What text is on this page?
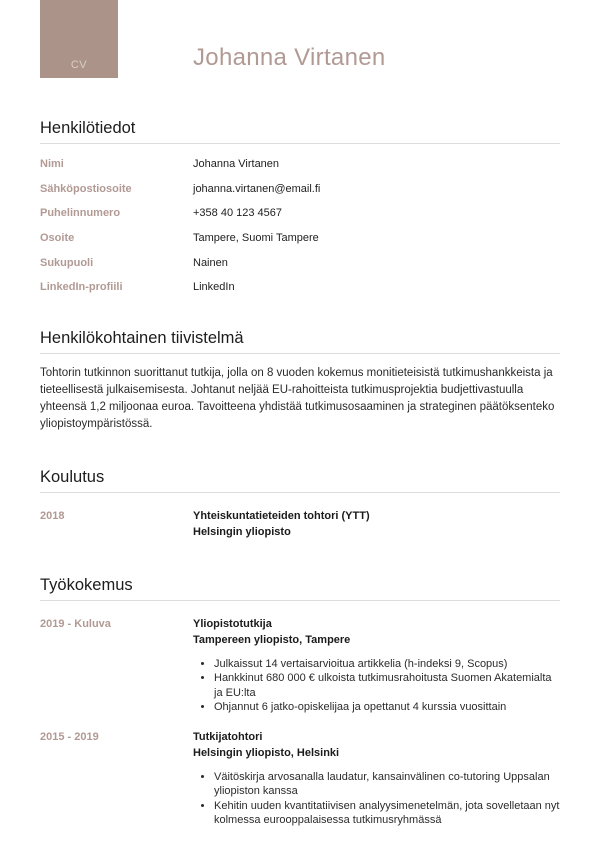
CV	Johanna Virtanen
Henkilötiedot
Nimi	Johanna Virtanen
Sähköpostiosoite	johanna.virtanen@email.fi
Puhelinnumero	+358 40 123 4567
Osoite	Tampere, Suomi Tampere
Sukupuoli	Nainen
LinkedIn-profiili	LinkedIn
Henkilökohtainen tiivistelmä

Tohtorin tutkinnon suorittanut tutkija, jolla on 8 vuoden kokemus monitieteisistä tutkimushankkeista ja tieteellisestä julkaisemisesta. Johtanut neljää EU-rahoitteista tutkimusprojektia budjettivastuulla yhteensä 1,2 miljoonaa euroa. Tavoitteena yhdistää tutkimusosaaminen ja strateginen päätöksenteko yliopistoympäristössä.

Koulutus
2018	Yhteiskuntatieteiden tohtori (YTT)
Helsingin yliopisto
Työkokemus
2019 - Kuluva	Yliopistotutkija
Tampereen yliopisto, Tampere
• Julkaissut 14 vertaisarvioitua artikkelia (h-indeksi 9, Scopus)
• Hankkinut 680 000 € ulkoista tutkimusrahoitusta Suomen Akatemialta ja EU:lta
• Ohjannut 6 jatko-opiskelijaa ja opettanut 4 kurssia vuosittain
2015 - 2019	Tutkijatohtori
Helsingin yliopisto, Helsinki
• Väitöskirja arvosanalla laudatur, kansainvälinen co-tutoring Uppsalan yliopiston kanssa
• Kehitin uuden kvantitatiivisen analyysimenetelmän, jota sovelletaan nyt kolmessa eurooppalaisessa tutkimusryhmässä
